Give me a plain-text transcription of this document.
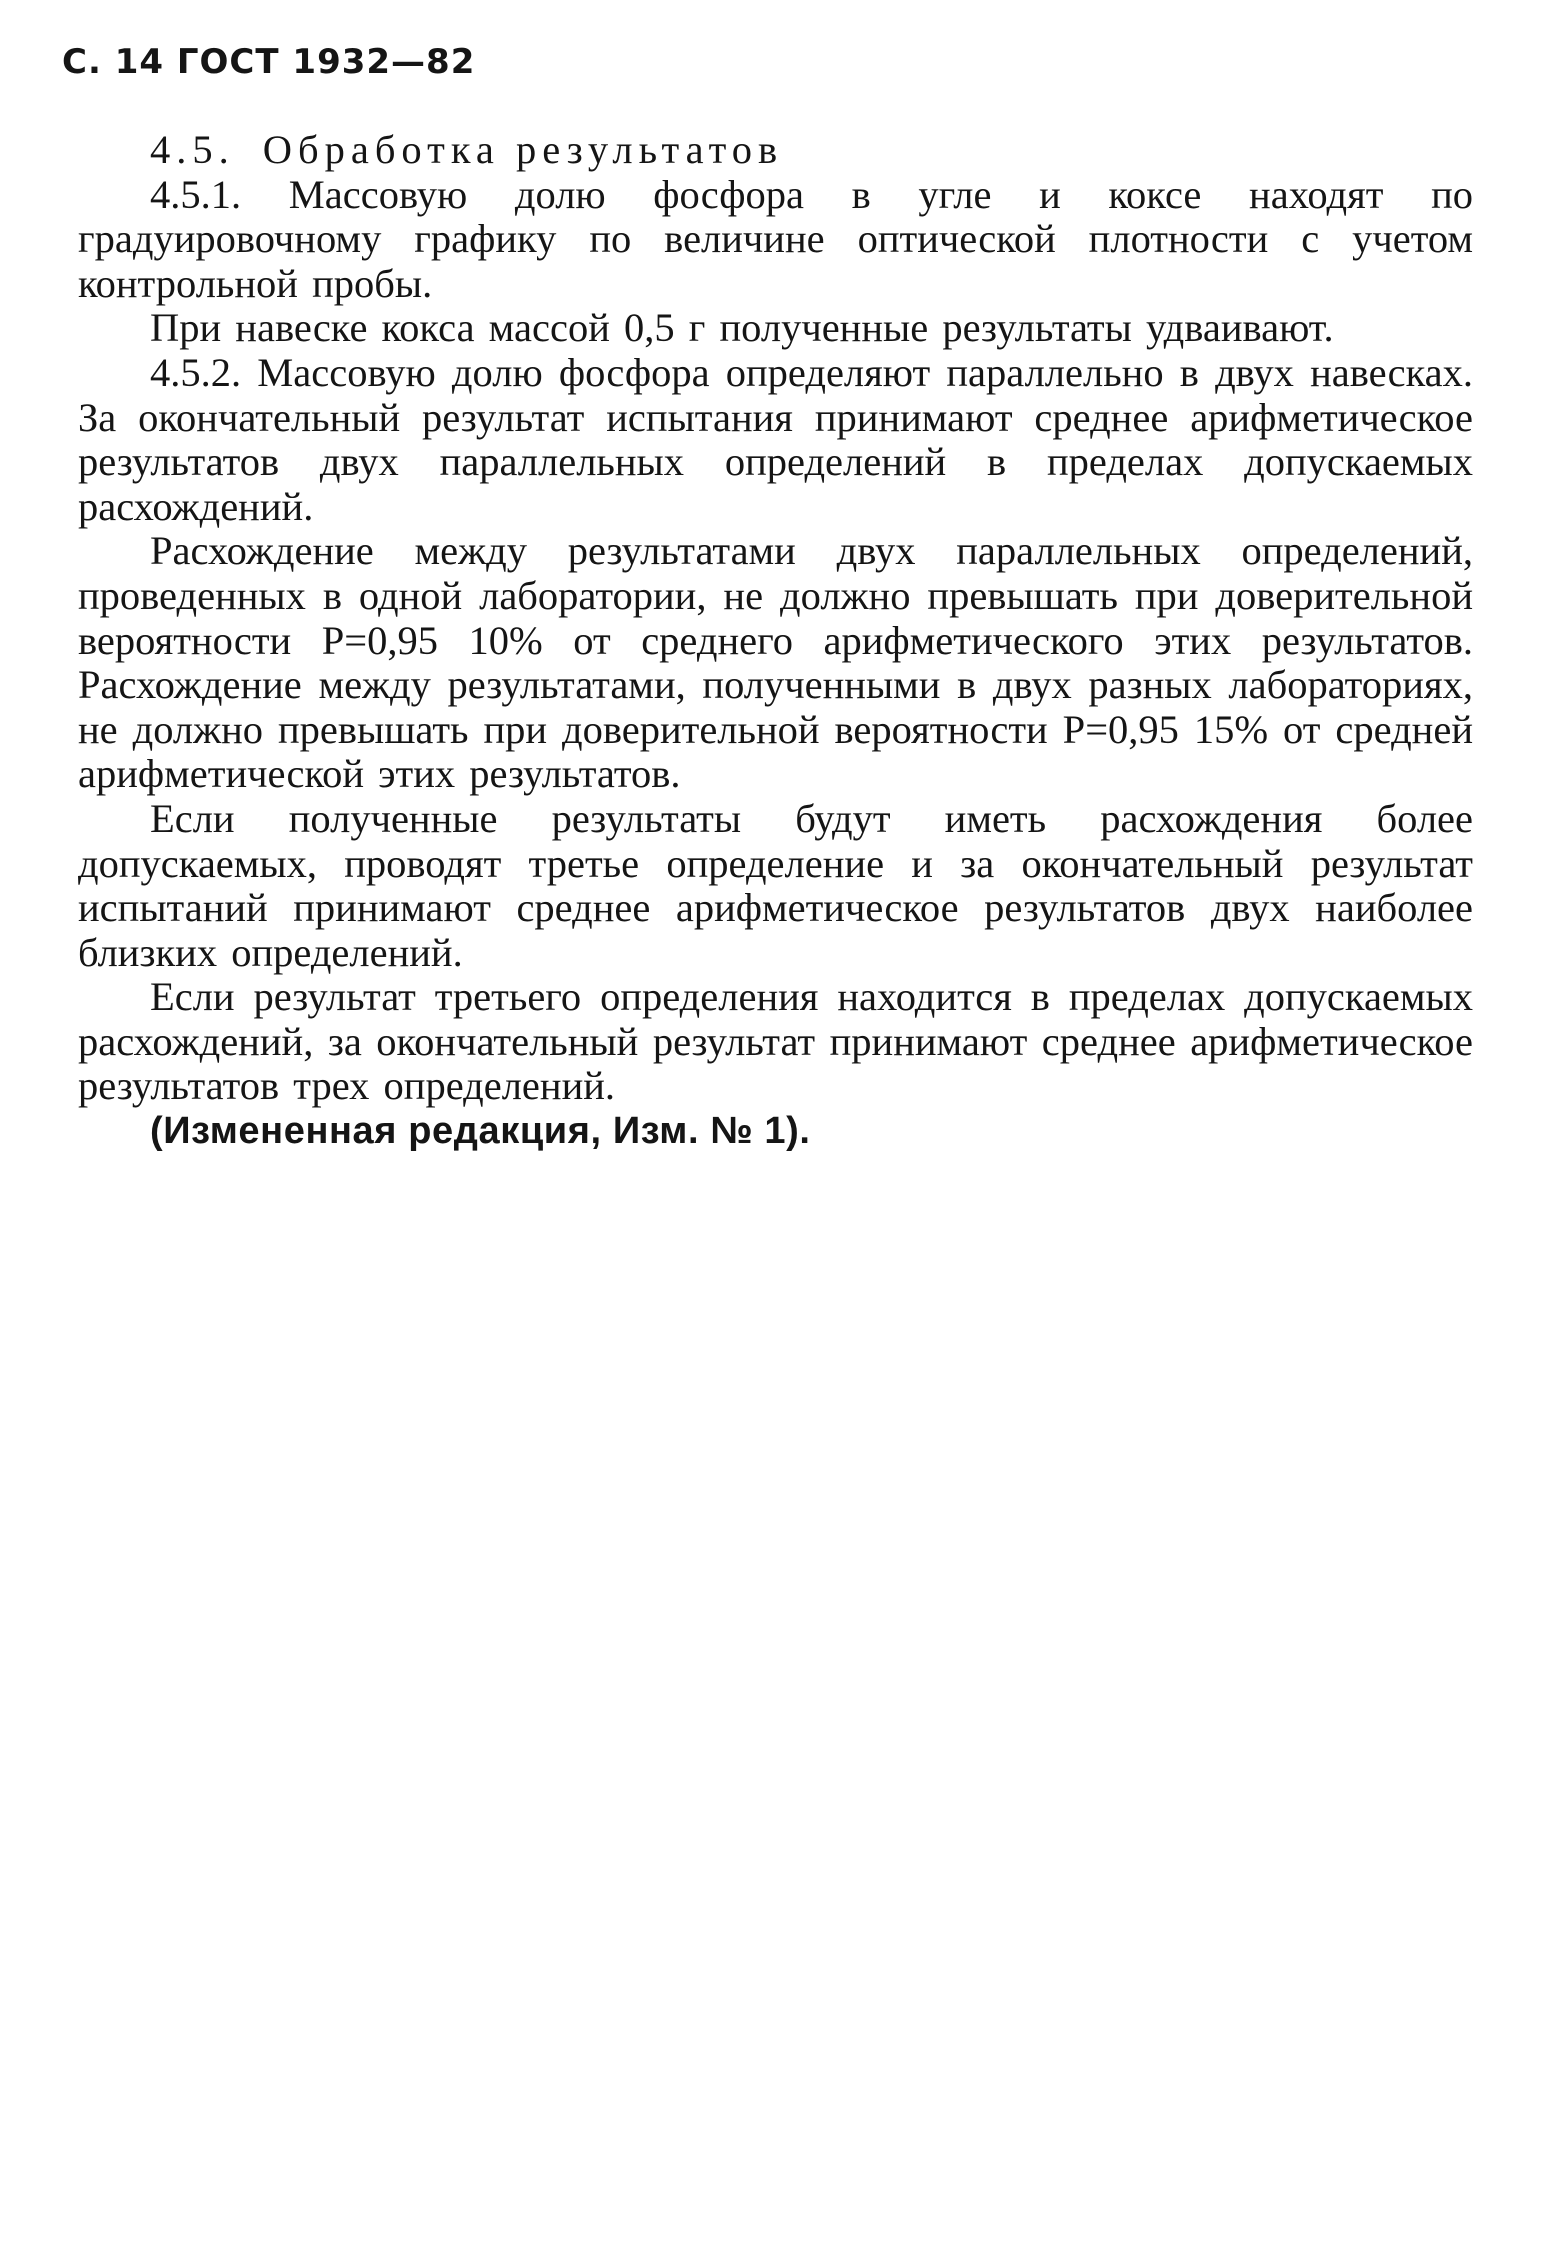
С. 14 ГОСТ 1932—82
4.5. Обработка результатов

4.5.1. Массовую долю фосфора в угле и коксе находят по градуировочному графику по величине оптической плотности с учетом контрольной пробы.

При навеске кокса массой 0,5 г полученные результаты удваивают.

4.5.2. Массовую долю фосфора определяют параллельно в двух навесках. За окончательный результат испытания принимают среднее арифметическое результатов двух параллельных определений в пределах допускаемых расхождений.

Расхождение между результатами двух параллельных определений, проведенных в одной лаборатории, не должно превышать при доверительной вероятности P=0,95 10% от среднего арифметического этих результатов. Расхождение между результатами, полученными в двух разных лабораториях, не должно превышать при доверительной вероятности P=0,95 15% от средней арифметической этих результатов.

Если полученные результаты будут иметь расхождения более допускаемых, проводят третье определение и за окончательный результат испытаний принимают среднее арифметическое результатов двух наиболее близких определений.

Если результат третьего определения находится в пределах допускаемых расхождений, за окончательный результат принимают среднее арифметическое результатов трех определений.

(Измененная редакция, Изм. № 1).
